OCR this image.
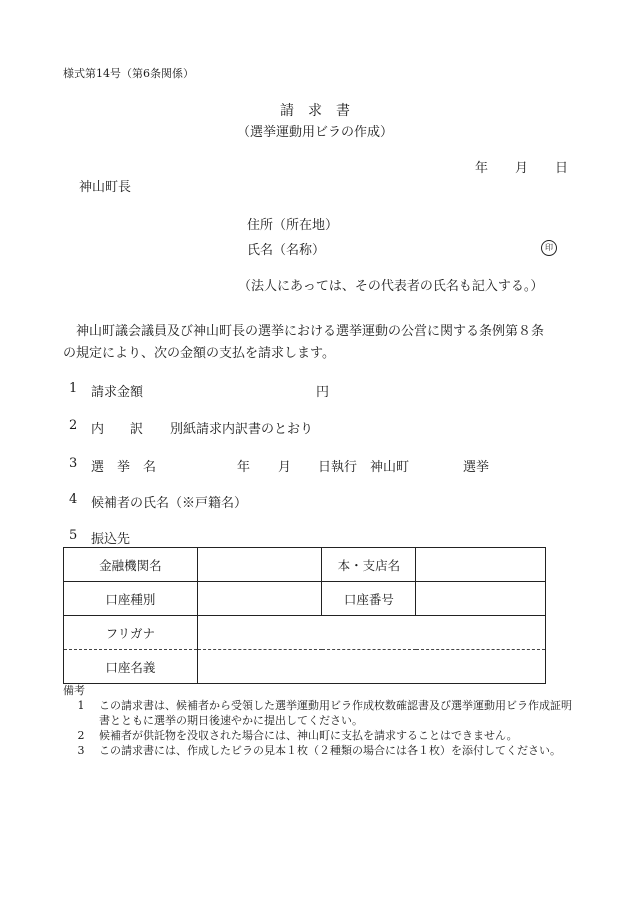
様式第14号（第6条関係）
請　求　書
（選挙運動用ビラの作成）
年 月 日
神山町長
住所（所在地）
氏名（名称）	印
（法人にあっては、その代表者の氏名も記入する。）
神山町議会議員及び神山町長の選挙における選挙運動の公営に関する条例第８条
の規定により、次の金額の支払を請求します。
1 請求金額	円
2 内　　訳 別紙請求内訳書のとおり
3 選　挙　名	年 月 日執行　神山町	選挙
4 候補者の氏名（※戸籍名）
5 振込先
金融機関名		本・支店名	
口座種別		口座番号	
フリガナ			
口座名義			
備考
1	この請求書は、候補者から受領した選挙運動用ビラ作成枚数確認書及び選挙運動用ビラ作成証明書とともに選挙の期日後速やかに提出してください。
2	候補者が供託物を没収された場合には、神山町に支払を請求することはできません。
3	この請求書には、作成したビラの見本１枚（２種類の場合には各１枚）を添付してください。
